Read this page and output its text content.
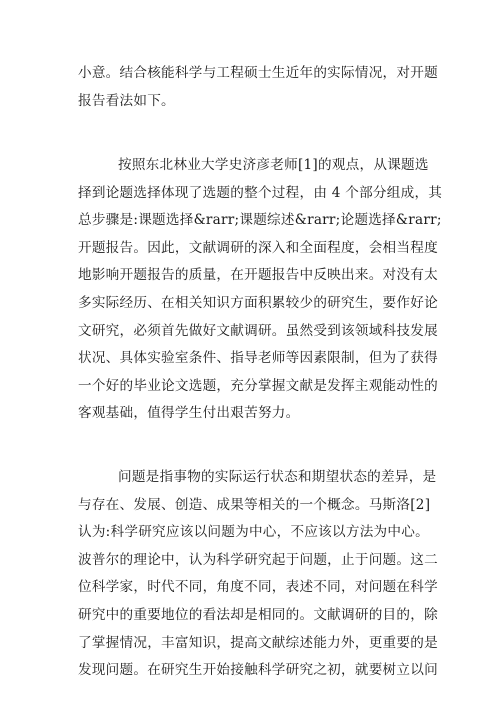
小意。结合核能科学与工程硕士生近年的实际情况，对开题
报告看法如下。
按照东北林业大学史济彦老师[1]的观点，从课题选
择到论题选择体现了选题的整个过程，由 4 个部分组成，其
总步骤是:课题选择&rarr;课题综述&rarr;论题选择&rarr;
开题报告。因此，文献调研的深入和全面程度，会相当程度
地影响开题报告的质量，在开题报告中反映出来。对没有太
多实际经历、在相关知识方面积累较少的研究生，要作好论
文研究，必须首先做好文献调研。虽然受到该领域科技发展
状况、具体实验室条件、指导老师等因素限制，但为了获得
一个好的毕业论文选题，充分掌握文献是发挥主观能动性的
客观基础，值得学生付出艰苦努力。
问题是指事物的实际运行状态和期望状态的差异，是
与存在、发展、创造、成果等相关的一个概念。马斯洛[2]
认为:科学研究应该以问题为中心，不应该以方法为中心。
波普尔的理论中，认为科学研究起于问题，止于问题。这二
位科学家，时代不同，角度不同，表述不同，对问题在科学
研究中的重要地位的看法却是相同的。文献调研的目的，除
了掌握情况，丰富知识，提高文献综述能力外，更重要的是
发现问题。在研究生开始接触科学研究之初，就要树立以问
